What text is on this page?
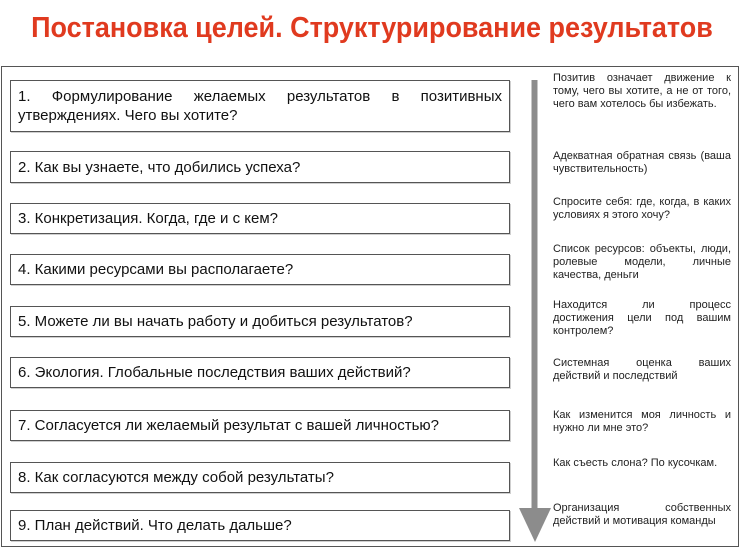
Постановка целей. Структурирование результатов
1. Формулирование желаемых результатов в позитивных утверждениях. Чего вы хотите?
2. Как вы узнаете, что добились успеха?
3. Конкретизация. Когда, где и с кем?
4. Какими ресурсами вы располагаете?
5. Можете ли вы начать работу и добиться результатов?
6. Экология. Глобальные последствия ваших действий?
7. Согласуется ли желаемый результат с вашей личностью?
8. Как согласуются между собой результаты?
9. План действий. Что делать дальше?
Позитив означает движение к тому, чего вы хотите, а не от того, чего вам хотелось бы избежать.
Адекватная обратная связь (ваша чувствительность)
Спросите себя: где, когда, в каких условиях я этого хочу?
Список ресурсов: объекты, люди, ролевые модели, личные качества, деньги
Находится ли процесс достижения цели под вашим контролем?
Системная оценка ваших действий и последствий
Как изменится моя личность и нужно ли мне это?
Как съесть слона? По кусочкам.
Организация собственных действий и мотивация команды
